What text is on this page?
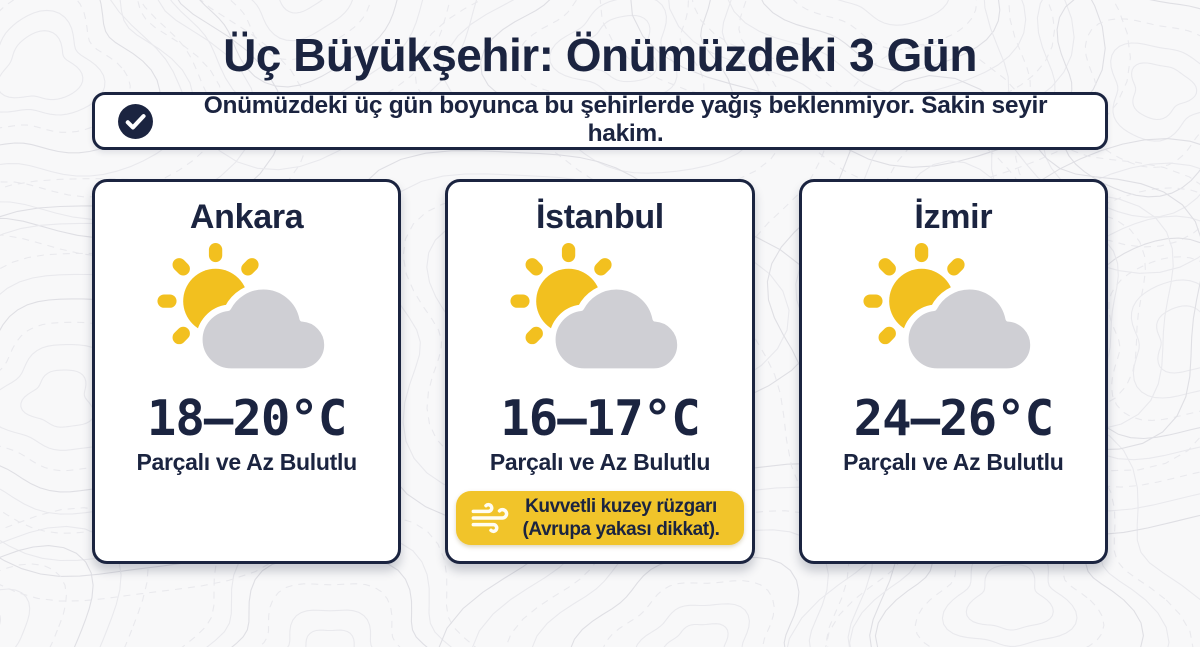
Üç Büyükşehir: Önümüzdeki 3 Gün
Önümüzdeki üç gün boyunca bu şehirlerde yağış beklenmiyor. Sakin seyir hakim.
Ankara
18–20°C
Parçalı ve Az Bulutlu
İstanbul
16–17°C
Parçalı ve Az Bulutlu
Kuvvetli kuzey rüzgarı
(Avrupa yakası dikkat).
İzmir
24–26°C
Parçalı ve Az Bulutlu
